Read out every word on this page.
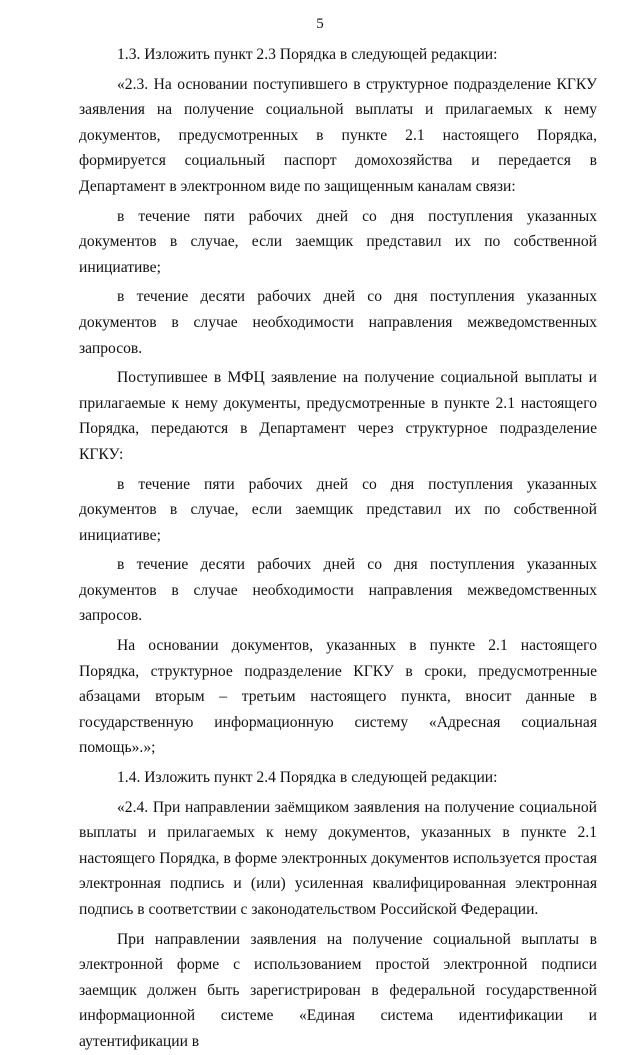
5

1.3. Изложить пункт 2.3 Порядка в следующей редакции:

«2.3. На основании поступившего в структурное подразделение КГКУ заявления на получение социальной выплаты и прилагаемых к нему документов, предусмотренных в пункте 2.1 настоящего Порядка, формируется социальный паспорт домохозяйства и передается в Департамент в электронном виде по защищенным каналам связи:

в течение пяти рабочих дней со дня поступления указанных документов в случае, если заемщик представил их по собственной инициативе;

в течение десяти рабочих дней со дня поступления указанных документов в случае необходимости направления межведомственных запросов.

Поступившее в МФЦ заявление на получение социальной выплаты и прилагаемые к нему документы, предусмотренные в пункте 2.1 настоящего Порядка, передаются в Департамент через структурное подразделение КГКУ:

в течение пяти рабочих дней со дня поступления указанных документов в случае, если заемщик представил их по собственной инициативе;

в течение десяти рабочих дней со дня поступления указанных документов в случае необходимости направления межведомственных запросов.

На основании документов, указанных в пункте 2.1 настоящего Порядка, структурное подразделение КГКУ в сроки, предусмотренные абзацами вторым – третьим настоящего пункта, вносит данные в государственную информационную систему «Адресная социальная помощь».»;

1.4. Изложить пункт 2.4 Порядка в следующей редакции:

«2.4. При направлении заёмщиком заявления на получение социальной выплаты и прилагаемых к нему документов, указанных в пункте 2.1 настоящего Порядка, в форме электронных документов используется простая электронная подпись и (или) усиленная квалифицированная электронная подпись в соответствии с законодательством Российской Федерации.

При направлении заявления на получение социальной выплаты в электронной форме с использованием простой электронной подписи заемщик должен быть зарегистрирован в федеральной государственной информационной системе «Единая система идентификации и аутентификации в
